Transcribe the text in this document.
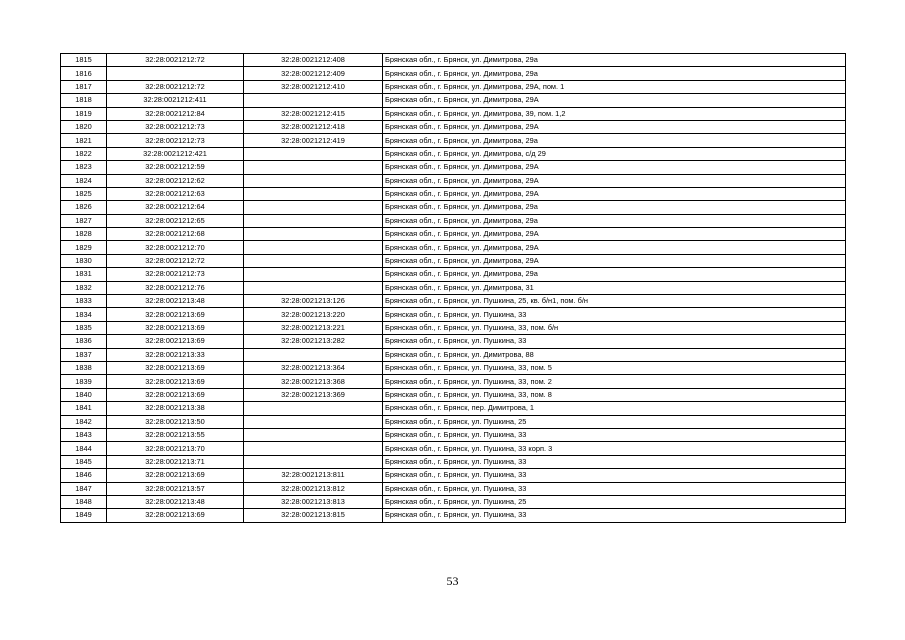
1815	32:28:0021212:72	32:28:0021212:408	Брянская обл., г. Брянск, ул. Димитрова, 29а
1816		32:28:0021212:409	Брянская обл., г. Брянск, ул. Димитрова, 29а
1817	32:28:0021212:72	32:28:0021212:410	Брянская обл., г. Брянск, ул. Димитрова, 29А, пом. 1
1818	32:28:0021212:411		Брянская обл., г. Брянск, ул. Димитрова, 29А
1819	32:28:0021212:84	32:28:0021212:415	Брянская обл., г. Брянск, ул. Димитрова, 39, пом. 1,2
1820	32:28:0021212:73	32:28:0021212:418	Брянская обл., г. Брянск, ул. Димитрова, 29А
1821	32:28:0021212:73	32:28:0021212:419	Брянская обл., г. Брянск, ул. Димитрова, 29а
1822	32:28:0021212:421		Брянская обл., г. Брянск, ул. Димитрова, с/д 29
1823	32:28:0021212:59		Брянская обл., г. Брянск, ул. Димитрова, 29А
1824	32:28:0021212:62		Брянская обл., г. Брянск, ул. Димитрова, 29А
1825	32:28:0021212:63		Брянская обл., г. Брянск, ул. Димитрова, 29А
1826	32:28:0021212:64		Брянская обл., г. Брянск, ул. Димитрова, 29а
1827	32:28:0021212:65		Брянская обл., г. Брянск, ул. Димитрова, 29а
1828	32:28:0021212:68		Брянская обл., г. Брянск, ул. Димитрова, 29А
1829	32:28:0021212:70		Брянская обл., г. Брянск, ул. Димитрова, 29А
1830	32:28:0021212:72		Брянская обл., г. Брянск, ул. Димитрова, 29А
1831	32:28:0021212:73		Брянская обл., г. Брянск, ул. Димитрова, 29а
1832	32:28:0021212:76		Брянская обл., г. Брянск, ул. Димитрова, 31
1833	32:28:0021213:48	32:28:0021213:126	Брянская обл., г. Брянск, ул. Пушкина, 25, кв. б/н1, пом. б/н
1834	32:28:0021213:69	32:28:0021213:220	Брянская обл., г. Брянск, ул. Пушкина, 33
1835	32:28:0021213:69	32:28:0021213:221	Брянская обл., г. Брянск, ул. Пушкина, 33, пом. б/н
1836	32:28:0021213:69	32:28:0021213:282	Брянская обл., г. Брянск, ул. Пушкина, 33
1837	32:28:0021213:33		Брянская обл., г. Брянск, ул. Димитрова, 88
1838	32:28:0021213:69	32:28:0021213:364	Брянская обл., г. Брянск, ул. Пушкина, 33, пом. 5
1839	32:28:0021213:69	32:28:0021213:368	Брянская обл., г. Брянск, ул. Пушкина, 33, пом. 2
1840	32:28:0021213:69	32:28:0021213:369	Брянская обл., г. Брянск, ул. Пушкина, 33, пом. 8
1841	32:28:0021213:38		Брянская обл., г. Брянск, пер. Димитрова, 1
1842	32:28:0021213:50		Брянская обл., г. Брянск, ул. Пушкина, 25
1843	32:28:0021213:55		Брянская обл., г. Брянск, ул. Пушкина, 33
1844	32:28:0021213:70		Брянская обл., г. Брянск, ул. Пушкина, 33 корп. 3
1845	32:28:0021213:71		Брянская обл., г. Брянск, ул. Пушкина, 33
1846	32:28:0021213:69	32:28:0021213:811	Брянская обл., г. Брянск, ул. Пушкина, 33
1847	32:28:0021213:57	32:28:0021213:812	Брянская обл., г. Брянск, ул. Пушкина, 33
1848	32:28:0021213:48	32:28:0021213:813	Брянская обл., г. Брянск, ул. Пушкина, 25
1849	32:28:0021213:69	32:28:0021213:815	Брянская обл., г. Брянск, ул. Пушкина, 33
53
